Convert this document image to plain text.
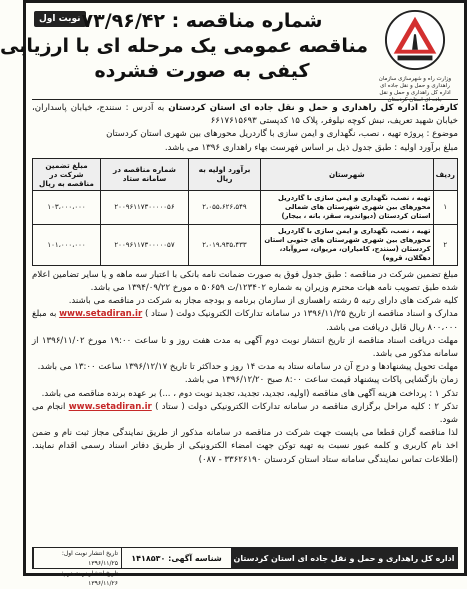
وزارت راه و شهرسازی سازمان راهداری و حمل و نقل جاده ای اداره کل راهداری و حمل و نقل جاده ای استان کردستان
نوبت اول شماره مناقصه : ۷۳/۹۶/۴۲
مناقصه عمومی یک مرحله ای با ارزیابی
کیفی به صورت فشرده

کارفرما: اداره کل راهداری و حمل و نقل جاده ای استان کردستان به آدرس : سنندج، خیابان پاسداران، خیابان شهید تعریف، نبش کوچه نیلوفر، پلاک ۱۵ کدپستی ۶۶۱۷۶۱۵۶۹۳

موضوع : پروژه تهیه ، نصب، نگهداری و ایمن سازی با گاردریل محورهای بین شهری استان کردستان

مبلغ برآورد اولیه : طبق جدول ذیل بر اساس فهرست بهاء راهداری ۱۳۹۶ می باشد.

ردیف	شهرستان	برآورد اولیه به ریال	شماره مناقصه در سامانه ستاد	مبلغ تضمین شرکت در مناقصه به ریال
۱	تهیه ، نصب، نگهداری و ایمن سازی با گاردریل محورهای بین شهری شهرستان های شمالی استان کردستان (دیواندره، سقز، بانه ، بیجار)	۲،۰۵۵،۶۲۶،۵۴۹	۲۰۰۹۶۱۱۷۳۰۰۰۰۰۵۶	۱۰۳،۰۰۰،۰۰۰
۲	تهیه ، نصب، نگهداری و ایمن سازی با گاردریل محورهای بین شهری شهرستان های جنوبی استان کردستان (سنندج، کامیاران، مریوان، سروآباد، دهگلان، قروه)	۲،۰۱۹،۹۳۵،۴۳۳	۲۰۰۹۶۱۱۷۳۰۰۰۰۰۵۷	۱۰۱،۰۰۰،۰۰۰

مبلغ تضمین شرکت در مناقصه : طبق جدول فوق به صورت ضمانت نامه بانکی با اعتبار سه ماهه و یا سایر تضامین اعلام شده طبق تصویب نامه هیات محترم وزیران به شماره ۱۲۳۴۰۲/ت ۵۰۶۵۹ ه مورخ ۱۳۹۴/۰۹/۲۲ می باشد.

کلیه شرکت های دارای رتبه ۵ رشته راهسازی از سازمان برنامه و بودجه مجاز به شرکت در مناقصه می باشند.

مدارک و اسناد مناقصه از تاریخ ۱۳۹۶/۱۱/۲۵ در سامانه تدارکات الکترونیک دولت ( ستاد ) www.setadiran.ir به مبلغ ۸۰۰،۰۰۰ ریال قابل دریافت می باشد.

مهلت دریافت اسناد مناقصه از تاریخ انتشار نوبت دوم آگهی به مدت هفت روز و تا ساعت ۱۹:۰۰ مورخ ۱۳۹۶/۱۱/۰۲ از سامانه مذکور می باشد.

مهلت تحویل پیشنهادها و درج آن در سامانه ستاد به مدت ۱۴ روز و حداکثر تا تاریخ ۱۳۹۶/۱۲/۱۷ ساعت ۱۳:۰۰ می باشد.

زمان بازگشایی پاکات پیشنهاد قیمت ساعت ۸:۰۰ صبح ۱۳۹۶/۱۲/۲۰ می باشد.

تذکر ۱ : پرداخت هزینه آگهی های مناقصه (اولیه، تجدید، تجدید، تجدید نوبت دوم ، ...) بر عهده برنده مناقصه می باشد.

تذکر ۲ : کلیه مراحل برگزاری مناقصه در سامانه تدارکات الکترونیکی دولت ( ستاد ) www.setadiran.ir انجام می شود.

لذا مناقصه گران قطعا می بایست جهت شرکت در مناقصه در سامانه مذکور از طریق نمایندگی مجاز ثبت نام و ضمن اخذ نام کاربری و کلمه عبور نسبت به تهیه توکن جهت امضاء الکترونیکی از طریق دفاتر اسناد رسمی اقدام نمایند. (اطلاعات تماس نمایندگی سامانه ستاد استان کردستان ۳۳۶۲۶۱۹۰ - ۰۸۷)

اداره کل راهداری و حمل و نقل جاده ای استان کردستان
شناسه آگهی: ۱۴۱۸۵۳۰
تاریخ انتشار نوبت اول: ۱۳۹۶/۱۱/۲۵
تاریخ انتشار نوبت دوم: ۱۳۹۶/۱۱/۲۶
